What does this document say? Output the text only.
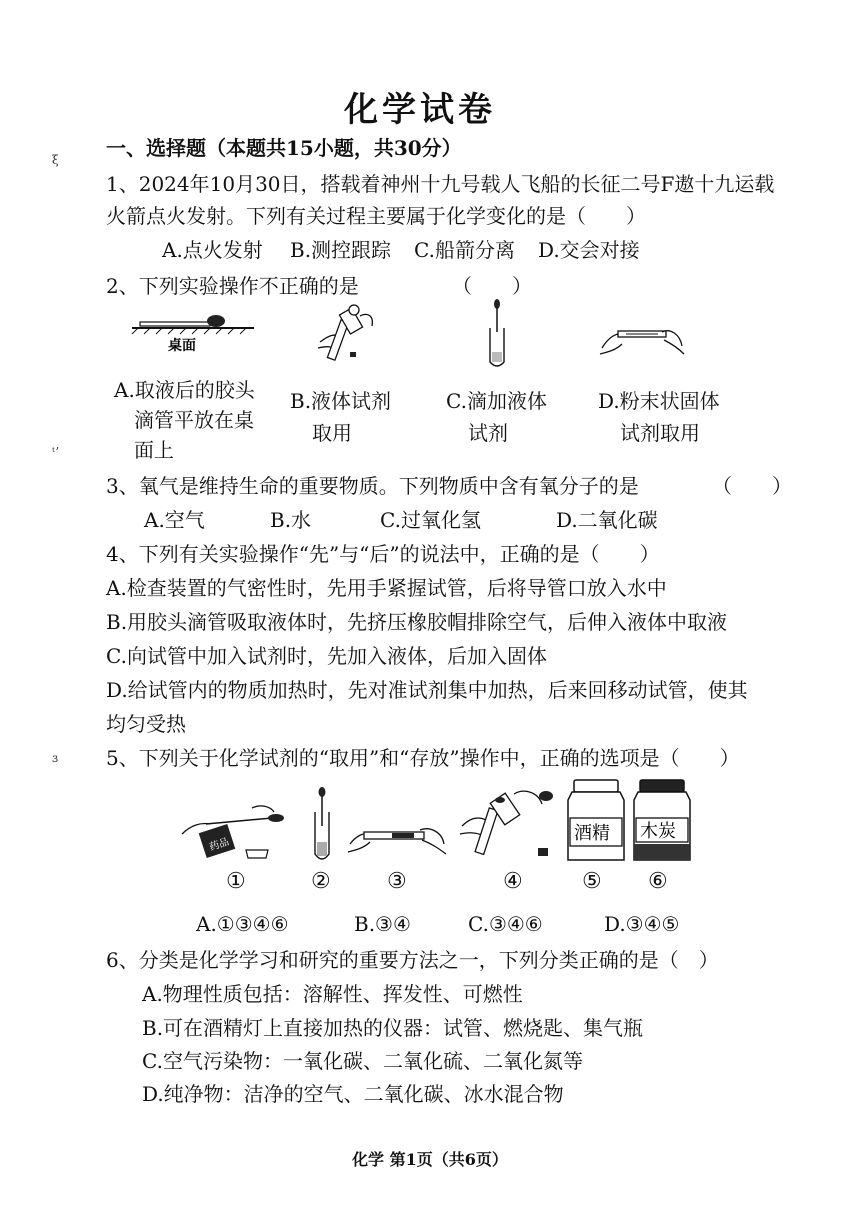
ξ
ᵗʼ
ɜ
化学试卷
一、选择题（本题共15小题，共30分）
1、2024年10月30日，搭载着神州十九号载人飞船的长征二号F遨十九运载
火箭点火发射。下列有关过程主要属于化学变化的是（　　）
A.点火发射 B.测控跟踪 C.船箭分离 D.交会对接
2、下列实验操作不正确的是	（　　）
桌面
A.取液后的胶头
滴管平放在桌
面上
B.液体试剂
取用
C.滴加液体
试剂
D.粉末状固体
试剂取用
3、氧气是维持生命的重要物质。下列物质中含有氧分子的是	（　　）
A.空气	B.水	C.过氧化氢	D.二氧化碳
4、下列有关实验操作“先”与“后”的说法中，正确的是（　　）
A.检查装置的气密性时，先用手紧握试管，后将导管口放入水中
B.用胶头滴管吸取液体时，先挤压橡胶帽排除空气，后伸入液体中取液
C.向试管中加入试剂时，先加入液体，后加入固体
D.给试管内的物质加热时，先对准试剂集中加热，后来回移动试管，使其
均匀受热
5、下列关于化学试剂的“取用”和“存放”操作中，正确的选项是（　　）
药品
酒精 木炭
①	②	③	④	⑤ ⑥
A.①③④⑥	B.③④	C.③④⑥	D.③④⑤
6、分类是化学学习和研究的重要方法之一，下列分类正确的是（　）
A.物理性质包括：溶解性、挥发性、可燃性
B.可在酒精灯上直接加热的仪器：试管、燃烧匙、集气瓶
C.空气污染物：一氧化碳、二氧化硫、二氧化氮等
D.纯净物：洁净的空气、二氧化碳、冰水混合物
化学 第1页（共6页）
